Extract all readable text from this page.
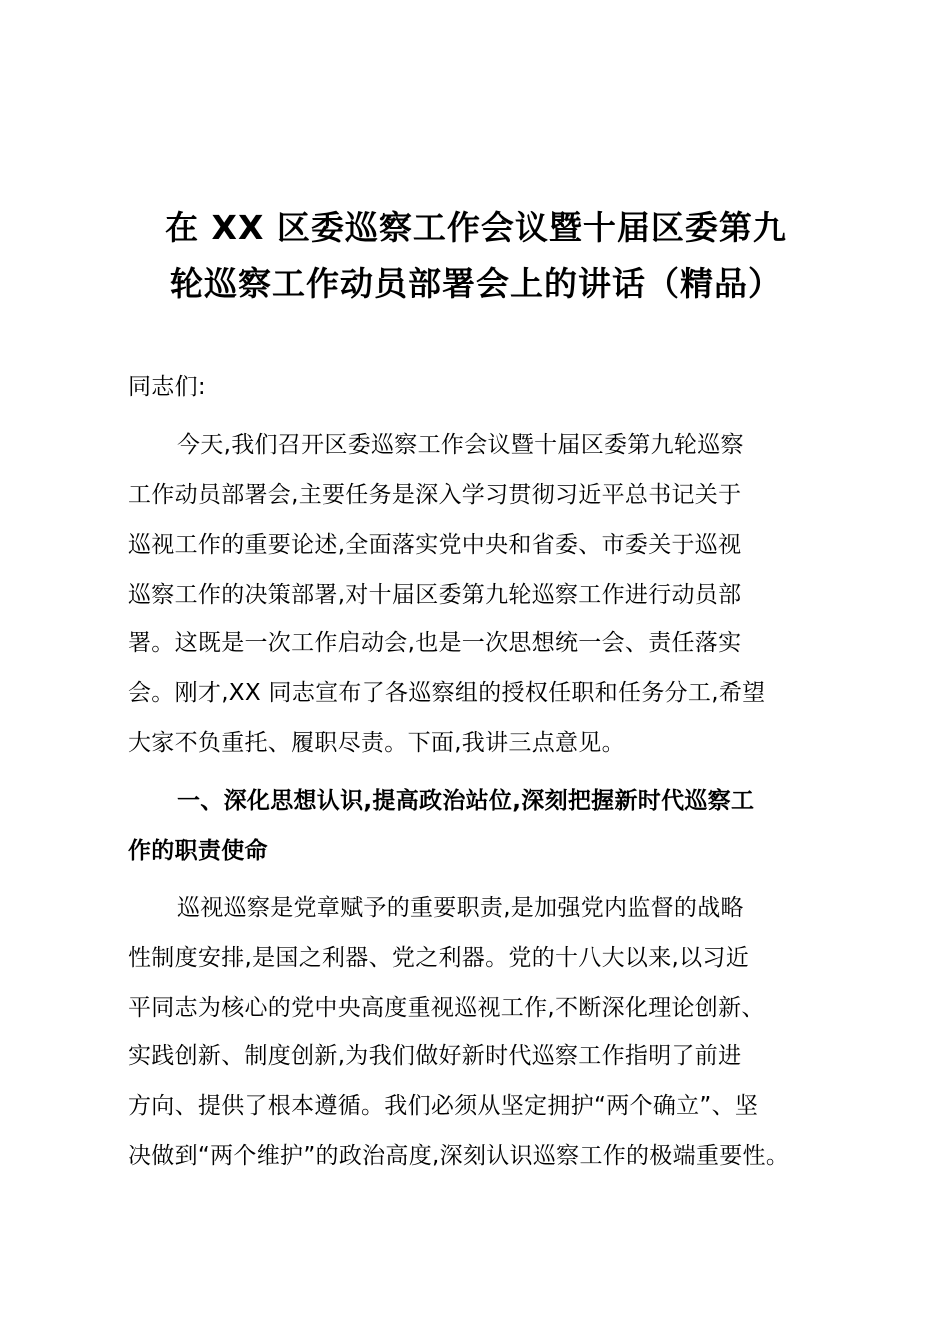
在 XX 区委巡察工作会议暨十届区委第九
轮巡察工作动员部署会上的讲话（精品）
同志们:
今天,我们召开区委巡察工作会议暨十届区委第九轮巡察
工作动员部署会,主要任务是深入学习贯彻习近平总书记关于
巡视工作的重要论述,全面落实党中央和省委、市委关于巡视
巡察工作的决策部署,对十届区委第九轮巡察工作进行动员部
署。这既是一次工作启动会,也是一次思想统一会、责任落实
会。刚才,XX 同志宣布了各巡察组的授权任职和任务分工,希望
大家不负重托、履职尽责。下面,我讲三点意见。
一、深化思想认识,提高政治站位,深刻把握新时代巡察工
作的职责使命
巡视巡察是党章赋予的重要职责,是加强党内监督的战略
性制度安排,是国之利器、党之利器。党的十八大以来,以习近
平同志为核心的党中央高度重视巡视工作,不断深化理论创新、
实践创新、制度创新,为我们做好新时代巡察工作指明了前进
方向、提供了根本遵循。我们必须从坚定拥护“两个确立”、坚
决做到“两个维护”的政治高度,深刻认识巡察工作的极端重要性。
